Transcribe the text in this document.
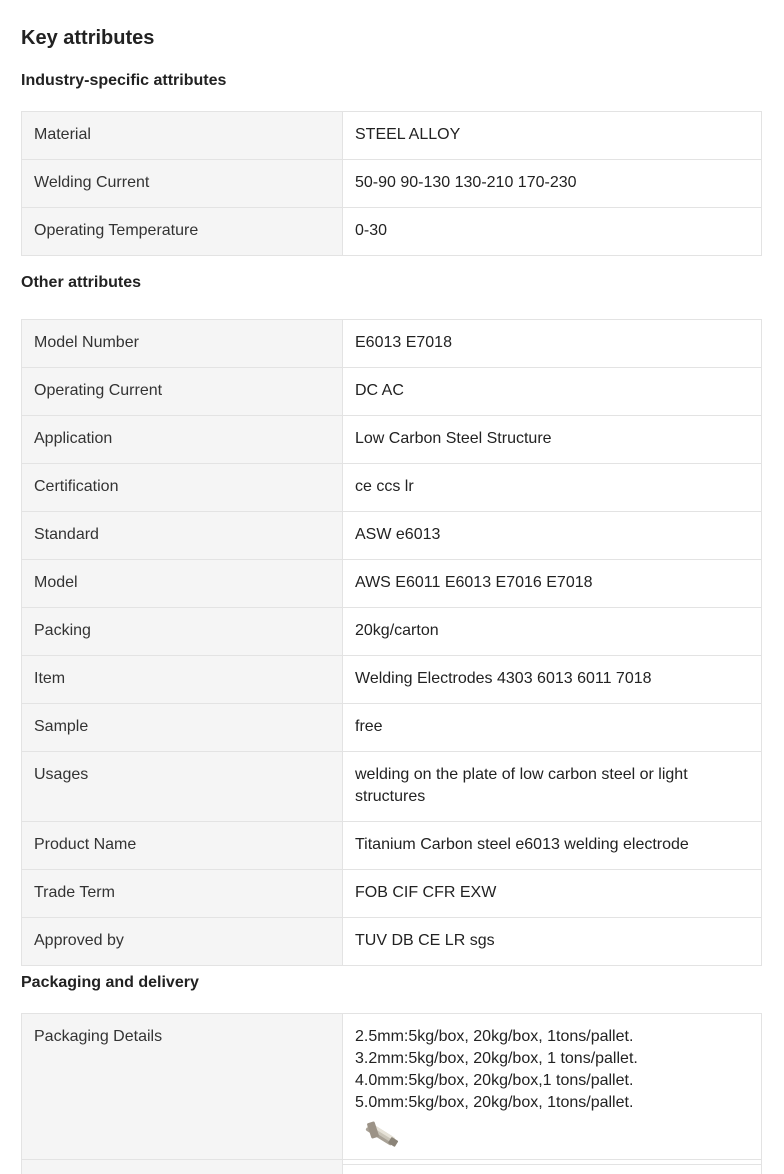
Key attributes
Industry-specific attributes
Material	STEEL ALLOY
Welding Current	50-90 90-130 130-210 170-230
Operating Temperature	0-30
Other attributes
Model Number	E6013 E7018
Operating Current	DC AC
Application	Low Carbon Steel Structure
Certification	ce ccs lr
Standard	ASW e6013
Model	AWS E6011 E6013 E7016 E7018
Packing	20kg/carton
Item	Welding Electrodes 4303 6013 6011 7018
Sample	free
Usages	welding on the plate of low carbon steel or light structures
Product Name	Titanium Carbon steel e6013 welding electrode
Trade Term	FOB CIF CFR EXW
Approved by	TUV DB CE LR sgs
Packaging and delivery
Packaging Details	2.5mm:5kg/box, 20kg/box, 1tons/pallet.
3.2mm:5kg/box, 20kg/box, 1 tons/pallet.
4.0mm:5kg/box, 20kg/box,1 tons/pallet.
5.0mm:5kg/box, 20kg/box, 1tons/pallet.
